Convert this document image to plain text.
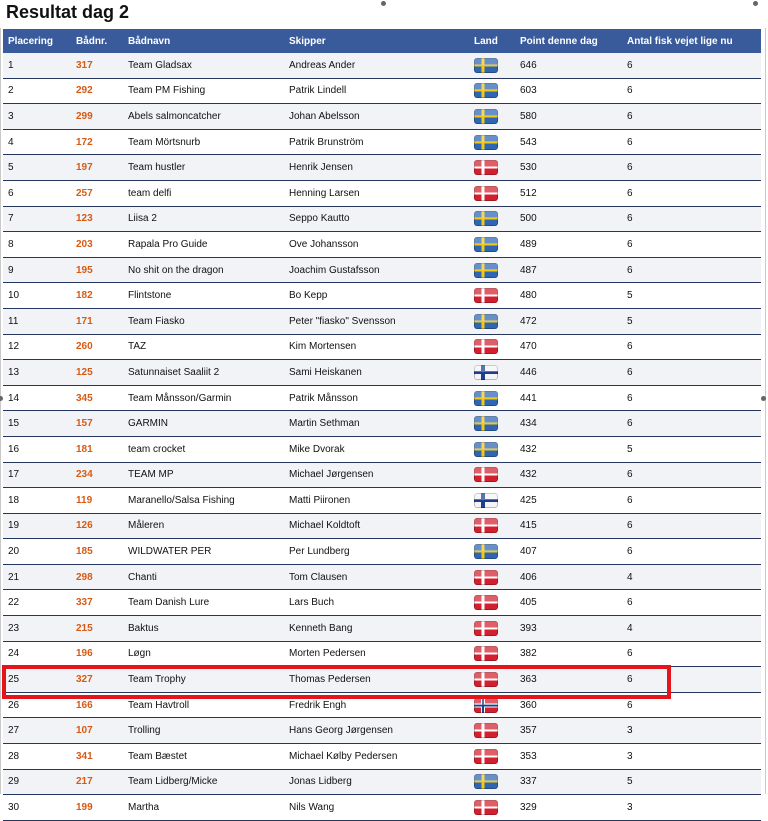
Resultat dag 2
Placering	Bådnr.	Bådnavn	Skipper	Land	Point denne dag	Antal fisk vejet lige nu
1	317	Team Gladsax	Andreas Ander		646	6
2	292	Team PM Fishing	Patrik Lindell		603	6
3	299	Abels salmoncatcher	Johan Abelsson		580	6
4	172	Team Mörtsnurb	Patrik Brunström		543	6
5	197	Team hustler	Henrik Jensen		530	6
6	257	team delfi	Henning Larsen		512	6
7	123	Liisa 2	Seppo Kautto		500	6
8	203	Rapala Pro Guide	Ove Johansson		489	6
9	195	No shit on the dragon	Joachim Gustafsson		487	6
10	182	Flintstone	Bo Kepp		480	5
11	171	Team Fiasko	Peter "fiasko" Svensson		472	5
12	260	TAZ	Kim Mortensen		470	6
13	125	Satunnaiset Saaliit 2	Sami Heiskanen		446	6
14	345	Team Månsson/Garmin	Patrik Månsson		441	6
15	157	GARMIN	Martin Sethman		434	6
16	181	team crocket	Mike Dvorak		432	5
17	234	TEAM MP	Michael Jørgensen		432	6
18	119	Maranello/Salsa Fishing	Matti Piironen		425	6
19	126	Måleren	Michael Koldtoft		415	6
20	185	WILDWATER PER	Per Lundberg		407	6
21	298	Chanti	Tom Clausen		406	4
22	337	Team Danish Lure	Lars Buch		405	6
23	215	Baktus	Kenneth Bang		393	4
24	196	Løgn	Morten Pedersen		382	6
25	327	Team Trophy	Thomas Pedersen		363	6
26	166	Team Havtroll	Fredrik Engh		360	6
27	107	Trolling	Hans Georg Jørgensen		357	3
28	341	Team Bæstet	Michael Kølby Pedersen		353	3
29	217	Team Lidberg/Micke	Jonas Lidberg		337	5
30	199	Martha	Nils Wang		329	3
